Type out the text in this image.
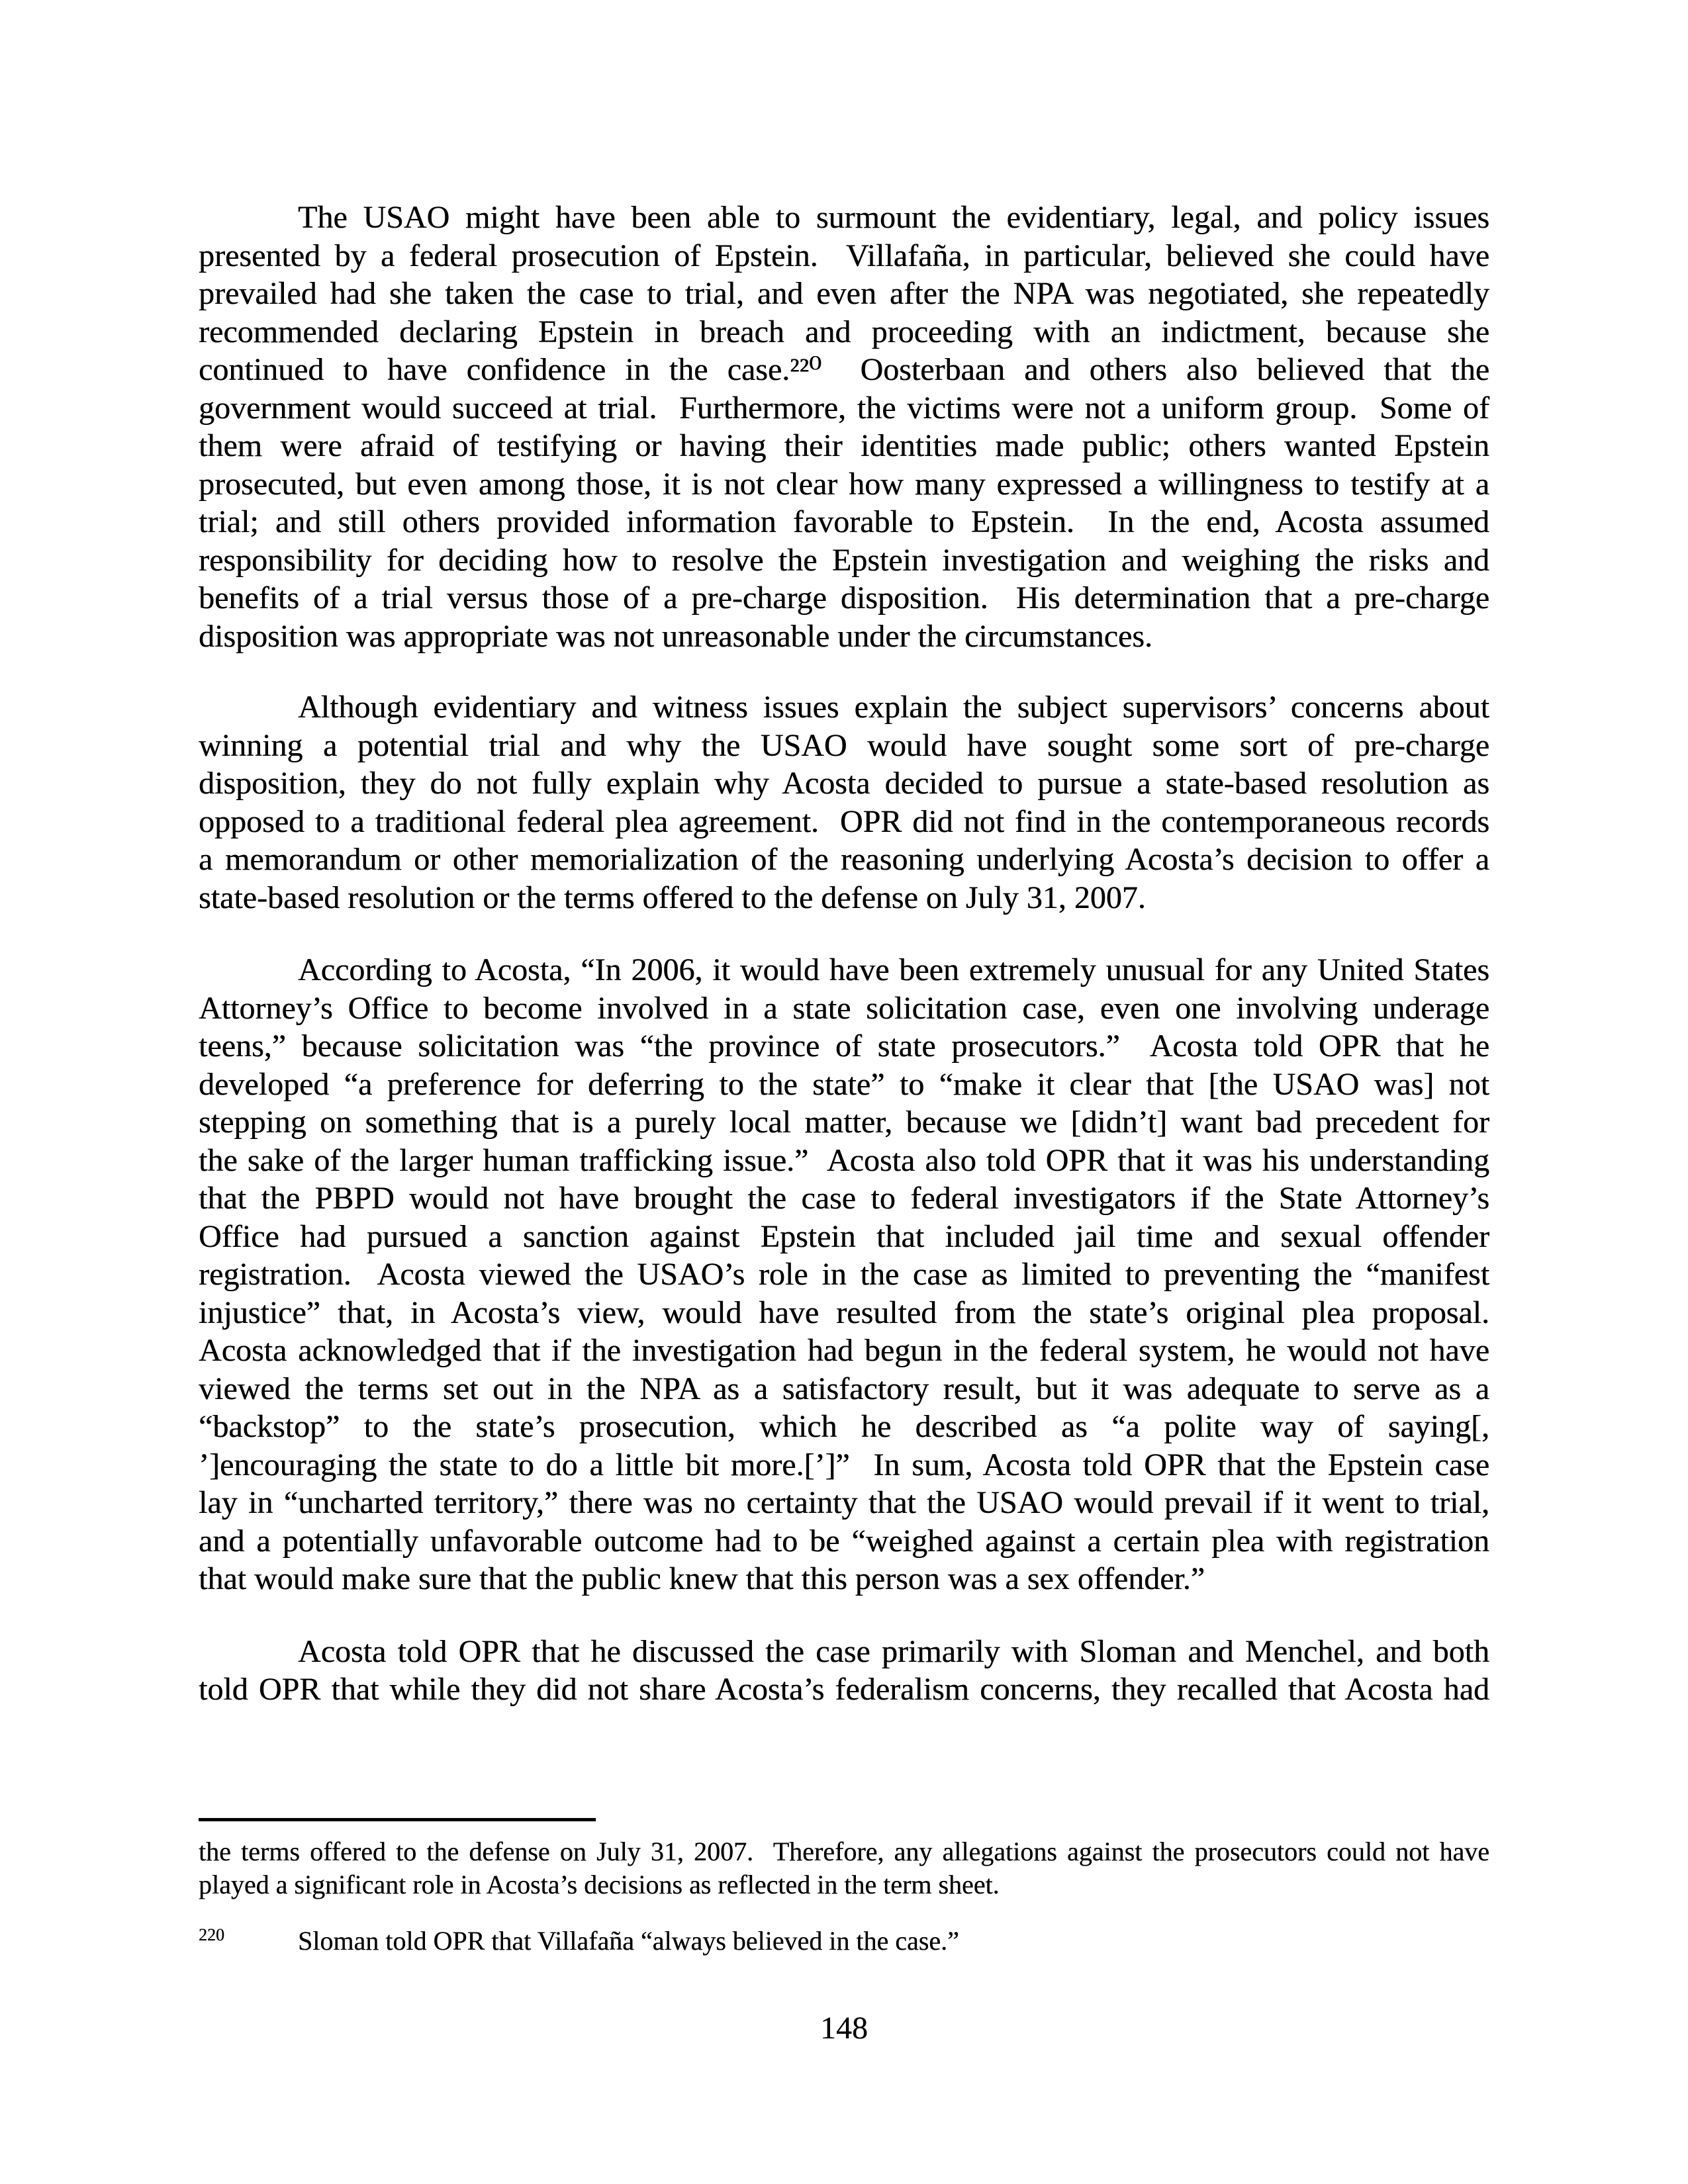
The USAO might have been able to surmount the evidentiary, legal, and policy issues
presented by a federal prosecution of Epstein.  Villafaña, in particular, believed she could have
prevailed had she taken the case to trial, and even after the NPA was negotiated, she repeatedly
recommended declaring Epstein in breach and proceeding with an indictment, because she
continued to have confidence in the case.²²⁰  Oosterbaan and others also believed that the
government would succeed at trial.  Furthermore, the victims were not a uniform group.  Some of
them were afraid of testifying or having their identities made public; others wanted Epstein
prosecuted, but even among those, it is not clear how many expressed a willingness to testify at a
trial; and still others provided information favorable to Epstein.  In the end, Acosta assumed
responsibility for deciding how to resolve the Epstein investigation and weighing the risks and
benefits of a trial versus those of a pre-charge disposition.  His determination that a pre-charge
disposition was appropriate was not unreasonable under the circumstances.
Although evidentiary and witness issues explain the subject supervisors’ concerns about
winning a potential trial and why the USAO would have sought some sort of pre-charge
disposition, they do not fully explain why Acosta decided to pursue a state-based resolution as
opposed to a traditional federal plea agreement.  OPR did not find in the contemporaneous records
a memorandum or other memorialization of the reasoning underlying Acosta’s decision to offer a
state-based resolution or the terms offered to the defense on July 31, 2007.
According to Acosta, “In 2006, it would have been extremely unusual for any United States
Attorney’s Office to become involved in a state solicitation case, even one involving underage
teens,” because solicitation was “the province of state prosecutors.”  Acosta told OPR that he
developed “a preference for deferring to the state” to “make it clear that [the USAO was] not
stepping on something that is a purely local matter, because we [didn’t] want bad precedent for
the sake of the larger human trafficking issue.”  Acosta also told OPR that it was his understanding
that the PBPD would not have brought the case to federal investigators if the State Attorney’s
Office had pursued a sanction against Epstein that included jail time and sexual offender
registration.  Acosta viewed the USAO’s role in the case as limited to preventing the “manifest
injustice” that, in Acosta’s view, would have resulted from the state’s original plea proposal.
Acosta acknowledged that if the investigation had begun in the federal system, he would not have
viewed the terms set out in the NPA as a satisfactory result, but it was adequate to serve as a
“backstop” to the state’s prosecution, which he described as “a polite way of saying[,
’]encouraging the state to do a little bit more.[’]”  In sum, Acosta told OPR that the Epstein case
lay in “uncharted territory,” there was no certainty that the USAO would prevail if it went to trial,
and a potentially unfavorable outcome had to be “weighed against a certain plea with registration
that would make sure that the public knew that this person was a sex offender.”
Acosta told OPR that he discussed the case primarily with Sloman and Menchel, and both
told OPR that while they did not share Acosta’s federalism concerns, they recalled that Acosta had
the terms offered to the defense on July 31, 2007.  Therefore, any allegations against the prosecutors could not have
played a significant role in Acosta’s decisions as reflected in the term sheet.
220	Sloman told OPR that Villafaña “always believed in the case.”
148
